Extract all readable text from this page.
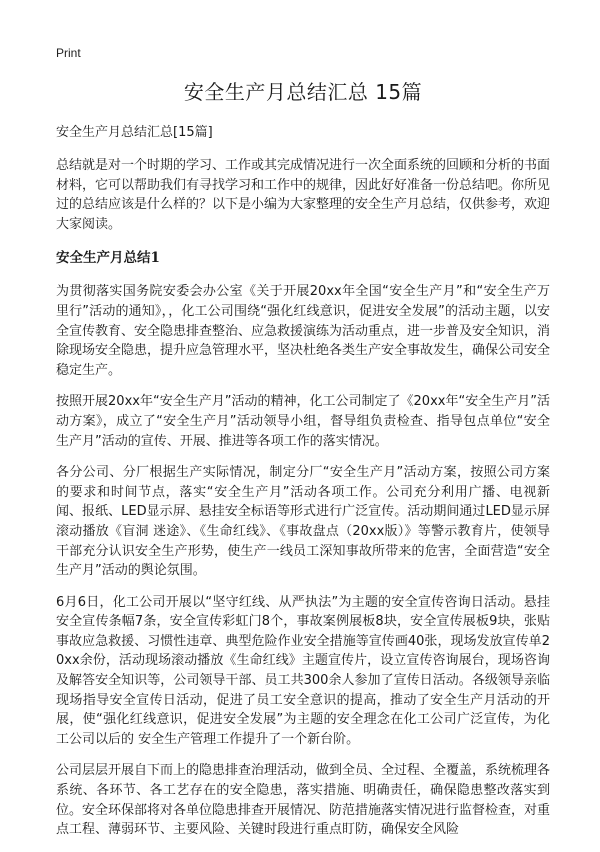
Print
安全生产月总结汇总 15篇
安全生产月总结汇总[15篇]

总结就是对一个时期的学习、工作或其完成情况进行一次全面系统的回顾和分析的书面材料，它可以帮助我们有寻找学习和工作中的规律，因此好好准备一份总结吧。你所见过的总结应该是什么样的？以下是小编为大家整理的安全生产月总结，仅供参考，欢迎大家阅读。

安全生产月总结1

为贯彻落实国务院安委会办公室《关于开展20xx年全国“安全生产月”和“安全生产万里行”活动的通知》，，化工公司围绕“强化红线意识，促进安全发展”的活动主题，以安全宣传教育、安全隐患排查整治、应急救援演练为活动重点，进一步普及安全知识，消除现场安全隐患，提升应急管理水平，坚决杜绝各类生产安全事故发生，确保公司安全稳定生产。

按照开展20xx年“安全生产月”活动的精神，化工公司制定了《20xx年“安全生产月”活动方案》，成立了“安全生产月”活动领导小组，督导组负责检查、指导包点单位“安全生产月”活动的宣传、开展、推进等各项工作的落实情况。

各分公司、分厂根据生产实际情况，制定分厂“安全生产月”活动方案，按照公司方案的要求和时间节点，落实“安全生产月”活动各项工作。公司充分利用广播、电视新闻、报纸、LED显示屏、悬挂安全标语等形式进行广泛宣传。活动期间通过LED显示屏滚动播放《盲洞 迷途》、《生命红线》、《事故盘点（20xx版）》等警示教育片，使领导干部充分认识安全生产形势，使生产一线员工深知事故所带来的危害，全面营造“安全生产月”活动的舆论氛围。

6月6日，化工公司开展以“坚守红线、从严执法”为主题的安全宣传咨询日活动。悬挂安全宣传条幅7条，安全宣传彩虹门8个，事故案例展板8块，安全宣传展板9块，张贴事故应急救援、习惯性违章、典型危险作业安全措施等宣传画40张，现场发放宣传单20xx余份，活动现场滚动播放《生命红线》主题宣传片，设立宣传咨询展台，现场咨询及解答安全知识等，公司领导干部、员工共300余人参加了宣传日活动。各级领导亲临现场指导安全宣传日活动，促进了员工安全意识的提高，推动了安全生产月活动的开展，使“强化红线意识，促进安全发展”为主题的安全理念在化工公司广泛宣传，为化工公司以后的 安全生产管理工作提升了一个新台阶。

公司层层开展自下而上的隐患排查治理活动，做到全员、全过程、全覆盖，系统梳理各系统、各环节、各工艺存在的安全隐患，落实措施、明确责任，确保隐患整改落实到位。安全环保部将对各单位隐患排查开展情况、防范措施落实情况进行监督检查，对重点工程、薄弱环节、主要风险、关键时段进行重点盯防，确保安全风险
